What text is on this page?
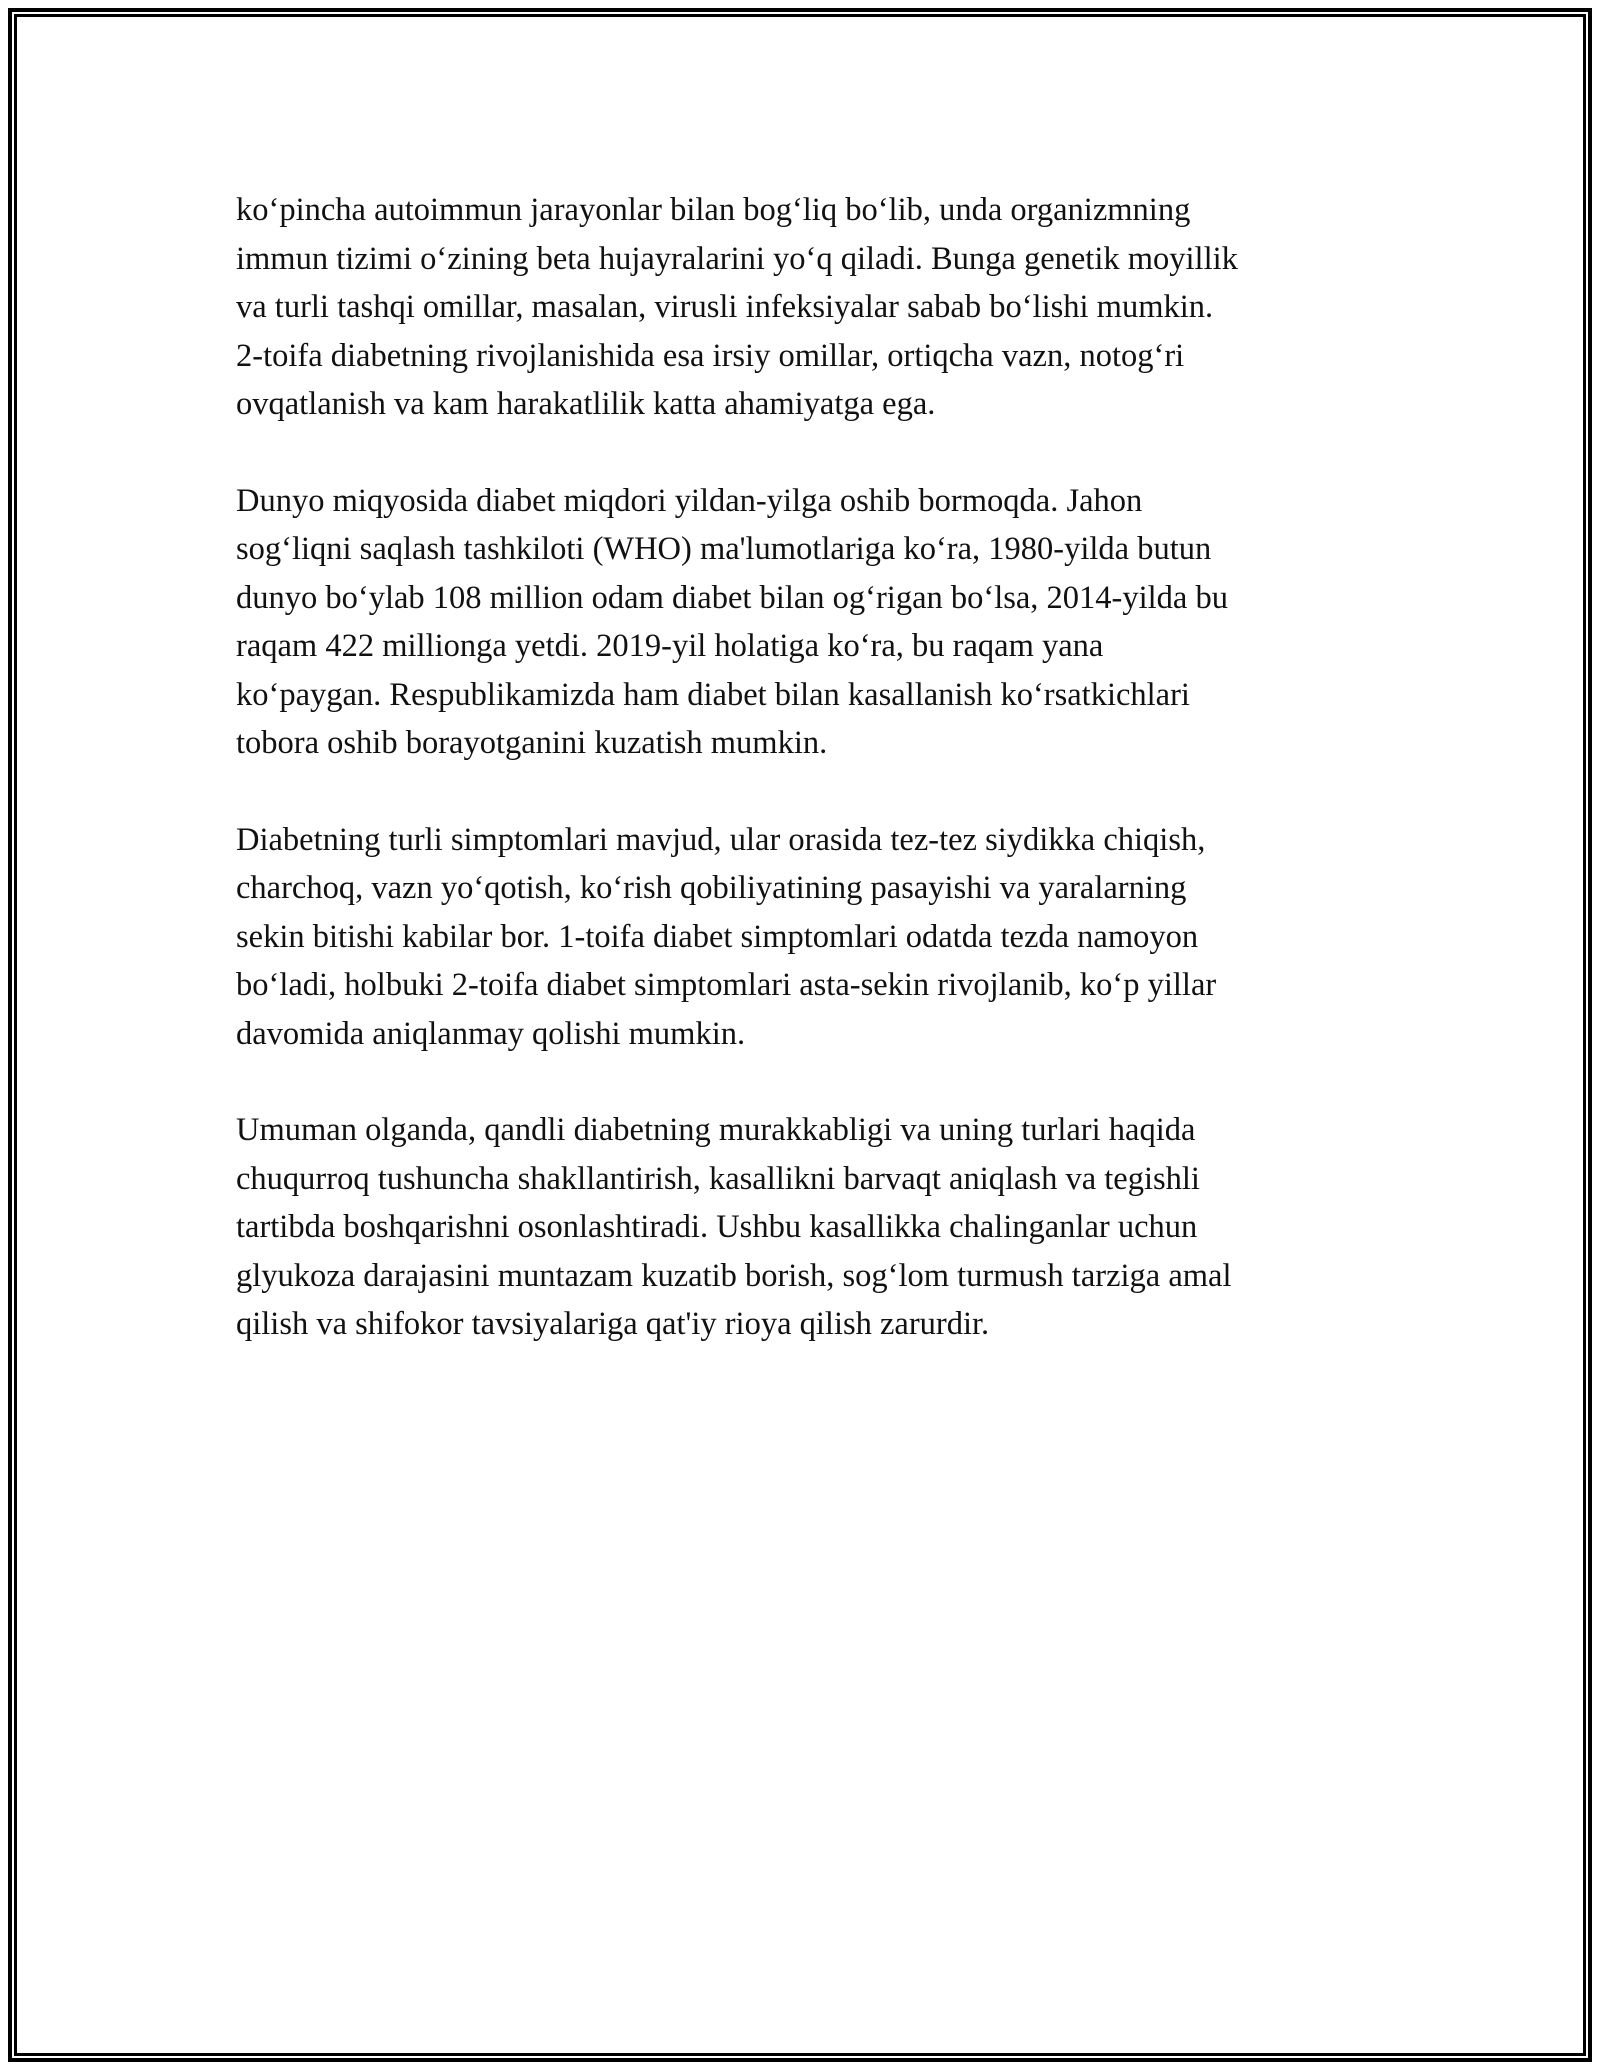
ko‘pincha autoimmun jarayonlar bilan bog‘liq bo‘lib, unda organizmning
immun tizimi o‘zining beta hujayralarini yo‘q qiladi. Bunga genetik moyillik
va turli tashqi omillar, masalan, virusli infeksiyalar sabab bo‘lishi mumkin.
2-toifa diabetning rivojlanishida esa irsiy omillar, ortiqcha vazn, notog‘ri
ovqatlanish va kam harakatlilik katta ahamiyatga ega.

Dunyo miqyosida diabet miqdori yildan-yilga oshib bormoqda. Jahon
sog‘liqni saqlash tashkiloti (WHO) ma'lumotlariga ko‘ra, 1980-yilda butun
dunyo bo‘ylab 108 million odam diabet bilan og‘rigan bo‘lsa, 2014-yilda bu
raqam 422 millionga yetdi. 2019-yil holatiga ko‘ra, bu raqam yana
ko‘paygan. Respublikamizda ham diabet bilan kasallanish ko‘rsatkichlari
tobora oshib borayotganini kuzatish mumkin.

Diabetning turli simptomlari mavjud, ular orasida tez-tez siydikka chiqish,
charchoq, vazn yo‘qotish, ko‘rish qobiliyatining pasayishi va yaralarning
sekin bitishi kabilar bor. 1-toifa diabet simptomlari odatda tezda namoyon
bo‘ladi, holbuki 2-toifa diabet simptomlari asta-sekin rivojlanib, ko‘p yillar
davomida aniqlanmay qolishi mumkin.

Umuman olganda, qandli diabetning murakkabligi va uning turlari haqida
chuqurroq tushuncha shakllantirish, kasallikni barvaqt aniqlash va tegishli
tartibda boshqarishni osonlashtiradi. Ushbu kasallikka chalinganlar uchun
glyukoza darajasini muntazam kuzatib borish, sog‘lom turmush tarziga amal
qilish va shifokor tavsiyalariga qat'iy rioya qilish zarurdir.
